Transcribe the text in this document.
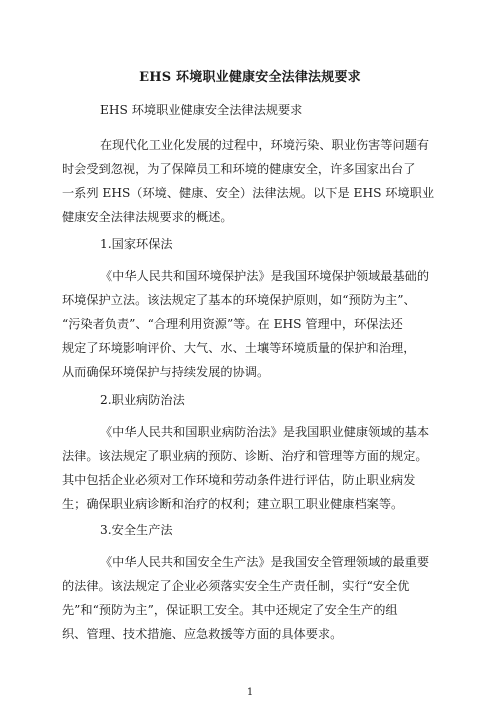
EHS 环境职业健康安全法律法规要求
EHS 环境职业健康安全法律法规要求
在现代化工业化发展的过程中，环境污染、职业伤害等问题有
时会受到忽视，为了保障员工和环境的健康安全，许多国家出台了
一系列 EHS（环境、健康、安全）法律法规。以下是 EHS 环境职业
健康安全法律法规要求的概述。
1.国家环保法
《中华人民共和国环境保护法》是我国环境保护领域最基础的
环境保护立法。该法规定了基本的环境保护原则，如“预防为主”、
“污染者负责”、“合理利用资源”等。在 EHS 管理中，环保法还
规定了环境影响评价、大气、水、土壤等环境质量的保护和治理，
从而确保环境保护与持续发展的协调。
2.职业病防治法
《中华人民共和国职业病防治法》是我国职业健康领域的基本
法律。该法规定了职业病的预防、诊断、治疗和管理等方面的规定。
其中包括企业必须对工作环境和劳动条件进行评估，防止职业病发
生；确保职业病诊断和治疗的权利；建立职工职业健康档案等。
3.安全生产法
《中华人民共和国安全生产法》是我国安全管理领域的最重要
的法律。该法规定了企业必须落实安全生产责任制，实行“安全优
先”和“预防为主”，保证职工安全。其中还规定了安全生产的组
织、管理、技术措施、应急救援等方面的具体要求。
1
